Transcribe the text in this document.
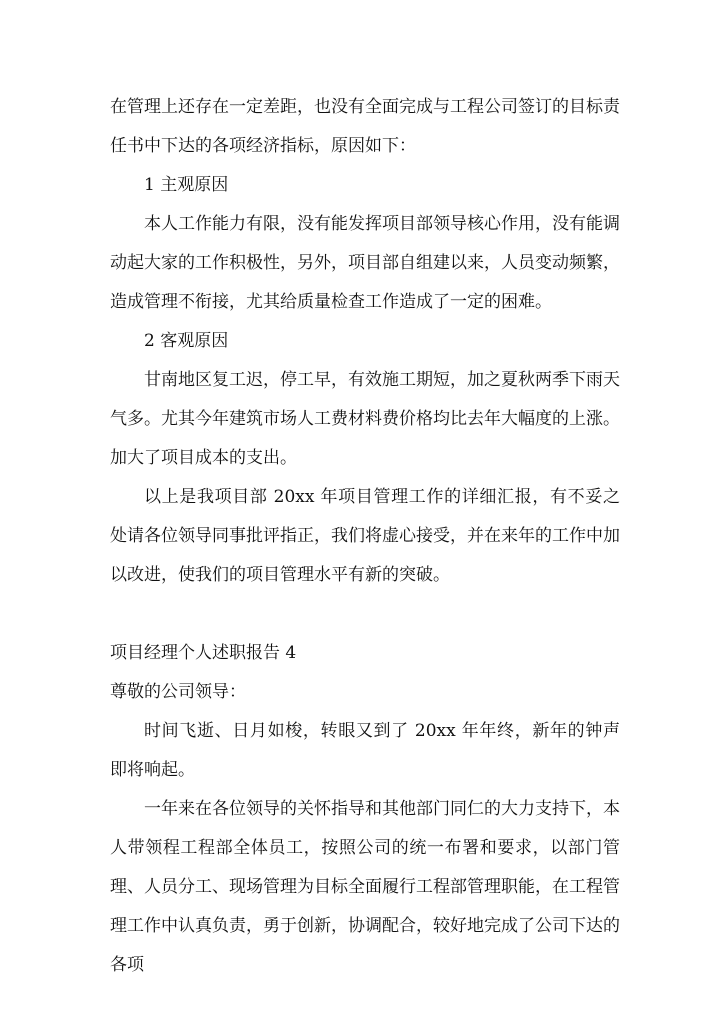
在管理上还存在一定差距，也没有全面完成与工程公司签订的目标责任书中下达的各项经济指标，原因如下：

1 主观原因

本人工作能力有限，没有能发挥项目部领导核心作用，没有能调动起大家的工作积极性，另外，项目部自组建以来，人员变动频繁，造成管理不衔接，尤其给质量检查工作造成了一定的困难。

2 客观原因

甘南地区复工迟，停工早，有效施工期短，加之夏秋两季下雨天气多。尤其今年建筑市场人工费材料费价格均比去年大幅度的上涨。加大了项目成本的支出。

以上是我项目部 20xx 年项目管理工作的详细汇报，有不妥之处请各位领导同事批评指正，我们将虚心接受，并在来年的工作中加以改进，使我们的项目管理水平有新的突破。

项目经理个人述职报告 4

尊敬的公司领导：

时间飞逝、日月如梭，转眼又到了 20xx 年年终，新年的钟声即将响起。

一年来在各位领导的关怀指导和其他部门同仁的大力支持下，本人带领程工程部全体员工，按照公司的统一布署和要求，以部门管理、人员分工、现场管理为目标全面履行工程部管理职能，在工程管理工作中认真负责，勇于创新，协调配合，较好地完成了公司下达的各项
